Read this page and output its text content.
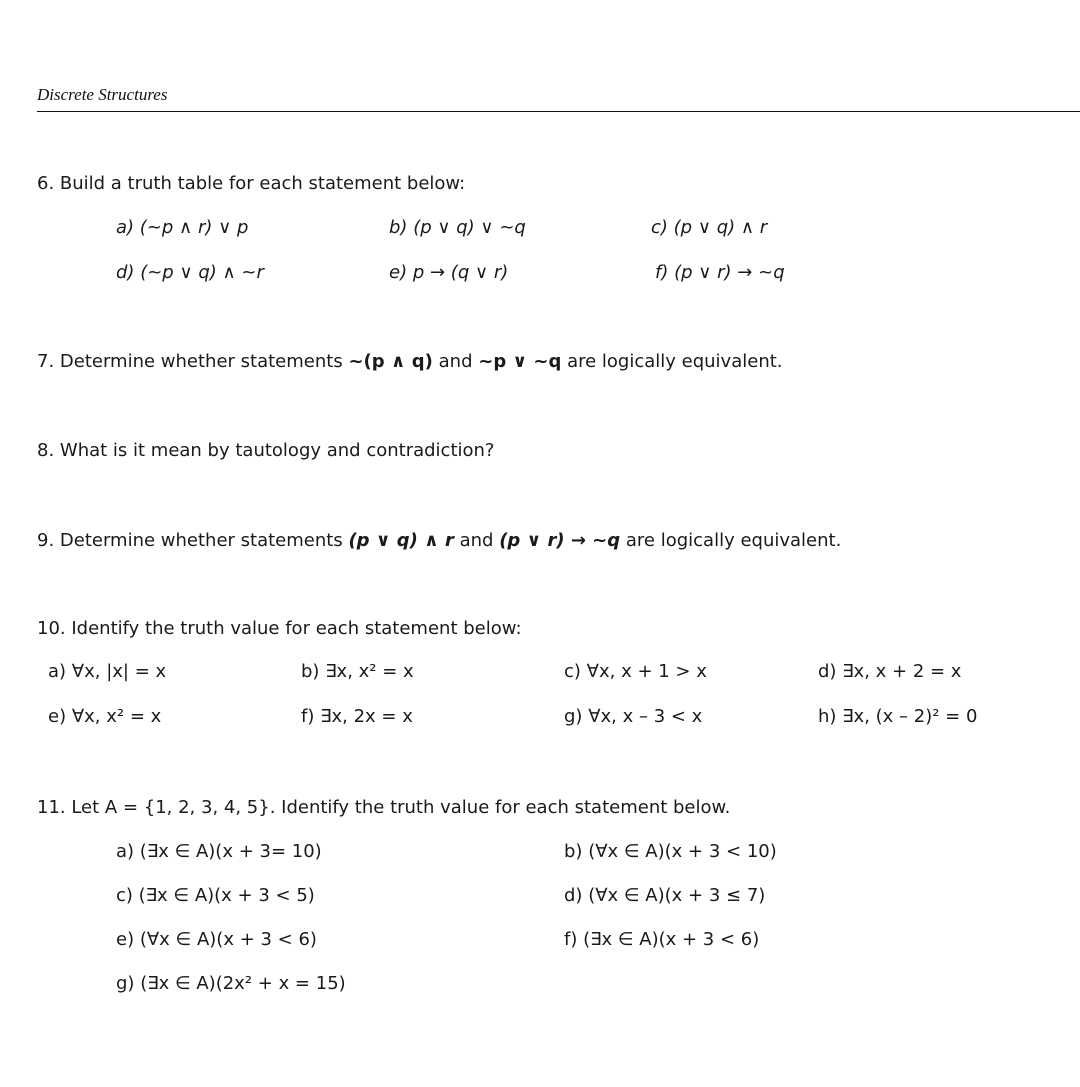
Discrete Structures
6. Build a truth table for each statement below:
a) (~p ∧ r) ∨ p	b) (p ∨ q) ∨ ~q	c) (p ∨ q) ∧ r
d) (~p ∨ q) ∧ ~r	e) p → (q ∨ r)	f) (p ∨ r) → ~q
7. Determine whether statements ~(p ∧ q) and ~p ∨ ~q are logically equivalent.
8. What is it mean by tautology and contradiction?
9. Determine whether statements (p ∨ q) ∧ r and (p ∨ r) → ~q are logically equivalent.
10. Identify the truth value for each statement below:
a) ∀x, |x| = x	b) ∃x, x² = x	c) ∀x, x + 1 > x	d) ∃x, x + 2 = x
e) ∀x, x² = x	f) ∃x, 2x = x	g) ∀x, x – 3 < x	h) ∃x, (x – 2)² = 0
11. Let A = {1, 2, 3, 4, 5}. Identify the truth value for each statement below.
a) (∃x ∈ A)(x + 3= 10)	b) (∀x ∈ A)(x + 3 < 10)
c) (∃x ∈ A)(x + 3 < 5)	d) (∀x ∈ A)(x + 3 ≤ 7)
e) (∀x ∈ A)(x + 3 < 6)	f) (∃x ∈ A)(x + 3 < 6)
g) (∃x ∈ A)(2x² + x = 15)
